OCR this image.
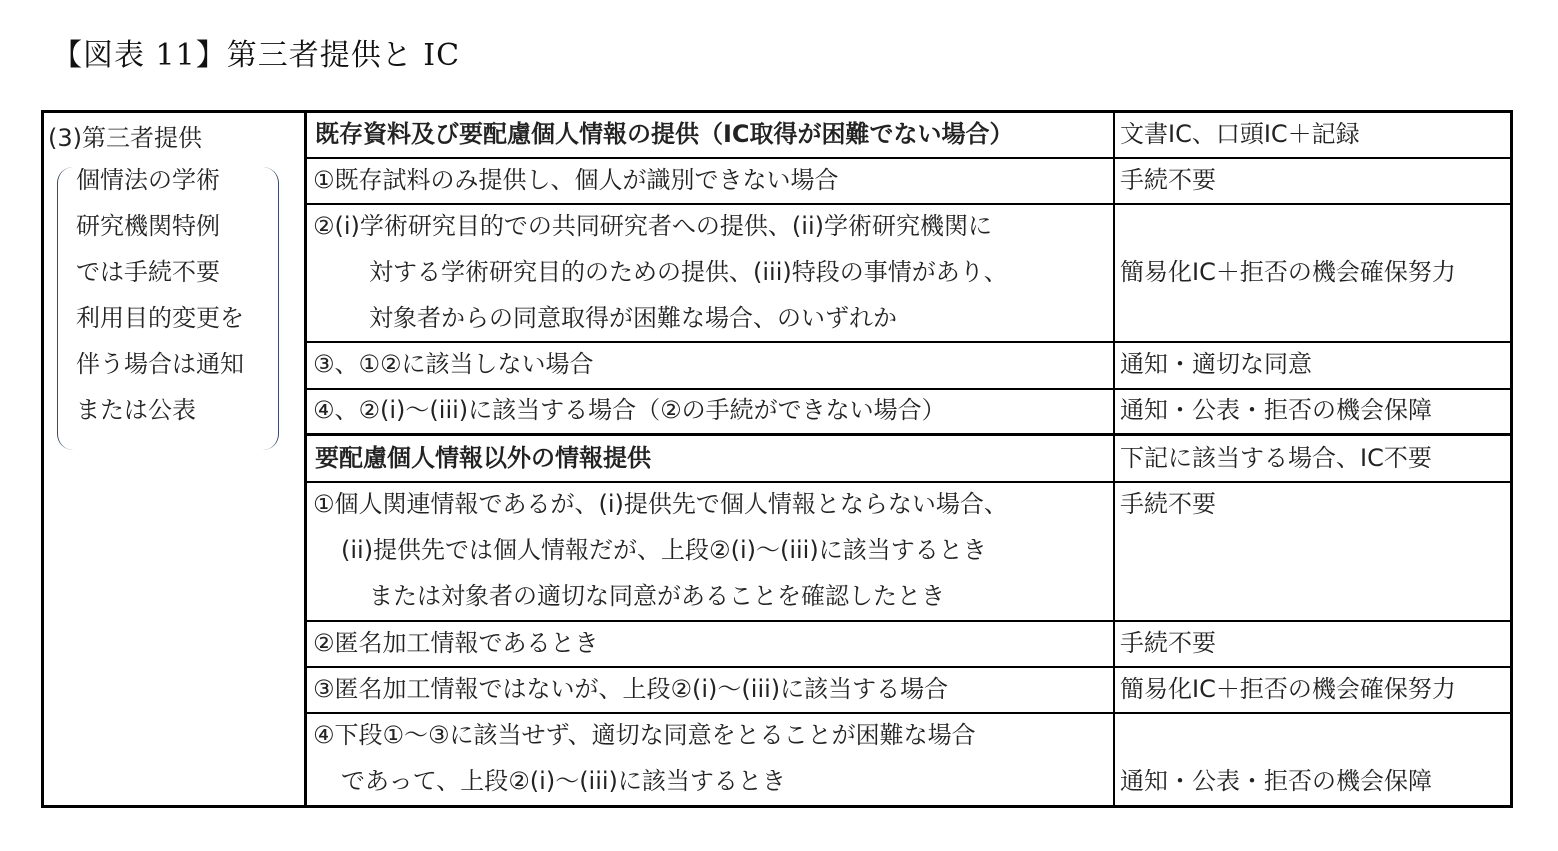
【図表 11】第三者提供と IC
(3)第三者提供
個情法の学術
研究機関特例
では手続不要
利用目的変更を
伴う場合は通知
または公表
既存資料及び要配慮個人情報の提供（IC取得が困難でない場合）	文書IC、口頭IC＋記録
①既存試料のみ提供し、個人が識別できない場合	手続不要
②(i)学術研究目的での共同研究者への提供、(ii)学術研究機関に
対する学術研究目的のための提供、(iii)特段の事情があり、
対象者からの同意取得が困難な場合、のいずれか
簡易化IC＋拒否の機会確保努力
③、①②に該当しない場合	通知・適切な同意
④、②(i)～(iii)に該当する場合（②の手続ができない場合）	通知・公表・拒否の機会保障
要配慮個人情報以外の情報提供	下記に該当する場合、IC不要
①個人関連情報であるが、(i)提供先で個人情報とならない場合、
(ii)提供先では個人情報だが、上段②(i)～(iii)に該当するとき
または対象者の適切な同意があることを確認したとき
手続不要
②匿名加工情報であるとき	手続不要
③匿名加工情報ではないが、上段②(i)～(iii)に該当する場合	簡易化IC＋拒否の機会確保努力
④下段①～③に該当せず、適切な同意をとることが困難な場合
であって、上段②(i)～(iii)に該当するとき	通知・公表・拒否の機会保障
